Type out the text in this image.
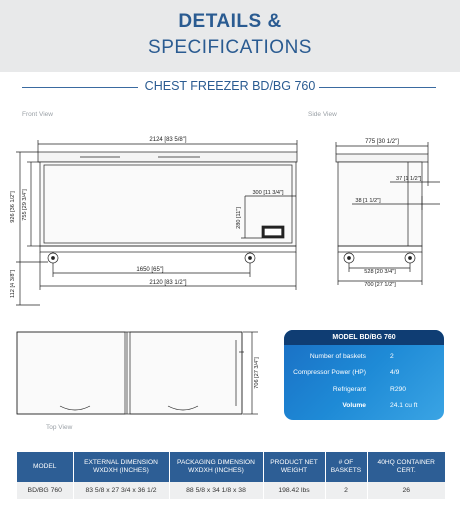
DETAILS &
SPECIFICATIONS
CHEST FREEZER BD/BG 760
Front View	Side View
Top View
2124 [83 5/8"]
926 [36 1/2"] 755 [29 3/4"]
112 [4 3/8"]
300 [11 3/4"]
280 [11"]
1650 [65"]
2120 [83 1/2"]
775 [30 1/2"]
37 [1 1/2"]
38 [1 1/2"]
528 [20 3/4"]
700 [27 1/2"]
706 [27 3/4"]
MODEL BD/BG 760
Number of baskets	2
Compressor Power (HP)	4/9
Refrigerant	R290
Volume	24.1 cu ft
MODEL	EXTERNAL DIMENSION WXDXH (INCHES)	PACKAGING DIMENSION WXDXH (INCHES)	PRODUCT NET WEIGHT	# OF BASKETS	40HQ CONTAINER CERT.
BD/BG 760	83 5/8 x 27 3/4 x 36 1/2	88 5/8 x 34 1/8 x 38	198.42 lbs	2	26
